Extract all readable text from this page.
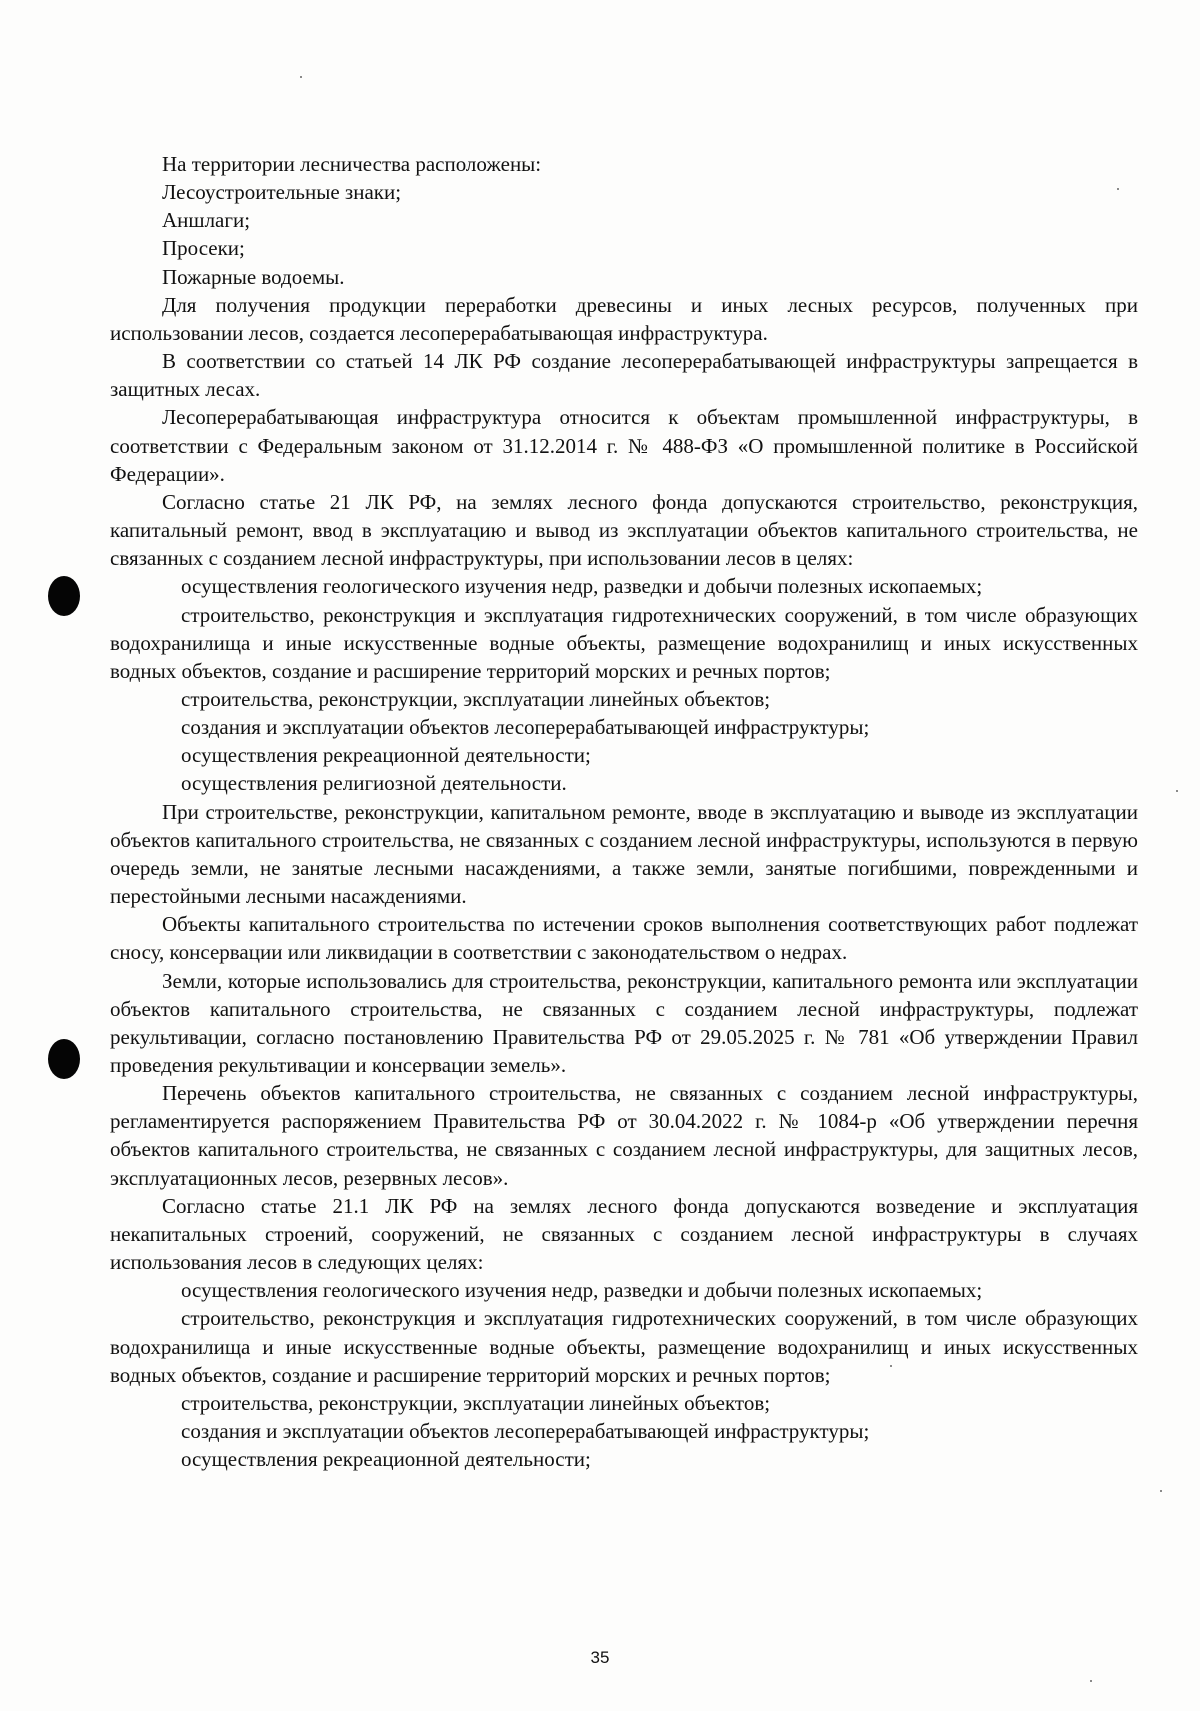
На территории лесничества расположены:

Лесоустроительные знаки;

Аншлаги;

Просеки;

Пожарные водоемы.

Для получения продукции переработки древесины и иных лесных ресурсов, полученных при использовании лесов, создается лесоперерабатывающая инфраструктура.

В соответствии со статьей 14 ЛК РФ создание лесоперерабатывающей инфраструктуры запрещается в защитных лесах.

Лесоперерабатывающая инфраструктура относится к объектам промышленной инфраструктуры, в соответствии с Федеральным законом от 31.12.2014 г. № 488-ФЗ «О промышленной политике в Российской Федерации».

Согласно статье 21 ЛК РФ, на землях лесного фонда допускаются строительство, реконструкция, капитальный ремонт, ввод в эксплуатацию и вывод из эксплуатации объектов капитального строительства, не связанных с созданием лесной инфраструктуры, при использовании лесов в целях:

осуществления геологического изучения недр, разведки и добычи полезных ископаемых;

строительство, реконструкция и эксплуатация гидротехнических сооружений, в том числе образующих водохранилища и иные искусственные водные объекты, размещение водохранилищ и иных искусственных водных объектов, создание и расширение территорий морских и речных портов;

строительства, реконструкции, эксплуатации линейных объектов;

создания и эксплуатации объектов лесоперерабатывающей инфраструктуры;

осуществления рекреационной деятельности;

осуществления религиозной деятельности.

При строительстве, реконструкции, капитальном ремонте, вводе в эксплуатацию и выводе из эксплуатации объектов капитального строительства, не связанных с созданием лесной инфраструктуры, используются в первую очередь земли, не занятые лесными насаждениями, а также земли, занятые погибшими, поврежденными и перестойными лесными насаждениями.

Объекты капитального строительства по истечении сроков выполнения соответствующих работ подлежат сносу, консервации или ликвидации в соответствии с законодательством о недрах.

Земли, которые использовались для строительства, реконструкции, капитального ремонта или эксплуатации объектов капитального строительства, не связанных с созданием лесной инфраструктуры, подлежат рекультивации, согласно постановлению Правительства РФ от 29.05.2025 г. № 781 «Об утверждении Правил проведения рекультивации и консервации земель».

Перечень объектов капитального строительства, не связанных с созданием лесной инфраструктуры, регламентируется распоряжением Правительства РФ от 30.04.2022 г. № 1084-р «Об утверждении перечня объектов капитального строительства, не связанных с созданием лесной инфраструктуры, для защитных лесов, эксплуатационных лесов, резервных лесов».

Согласно статье 21.1 ЛК РФ на землях лесного фонда допускаются возведение и эксплуатация некапитальных строений, сооружений, не связанных с созданием лесной инфраструктуры в случаях использования лесов в следующих целях:

осуществления геологического изучения недр, разведки и добычи полезных ископаемых;

строительство, реконструкция и эксплуатация гидротехнических сооружений, в том числе образующих водохранилища и иные искусственные водные объекты, размещение водохранилищ и иных искусственных водных объектов, создание и расширение территорий морских и речных портов;

строительства, реконструкции, эксплуатации линейных объектов;

создания и эксплуатации объектов лесоперерабатывающей инфраструктуры;

осуществления рекреационной деятельности;

35
